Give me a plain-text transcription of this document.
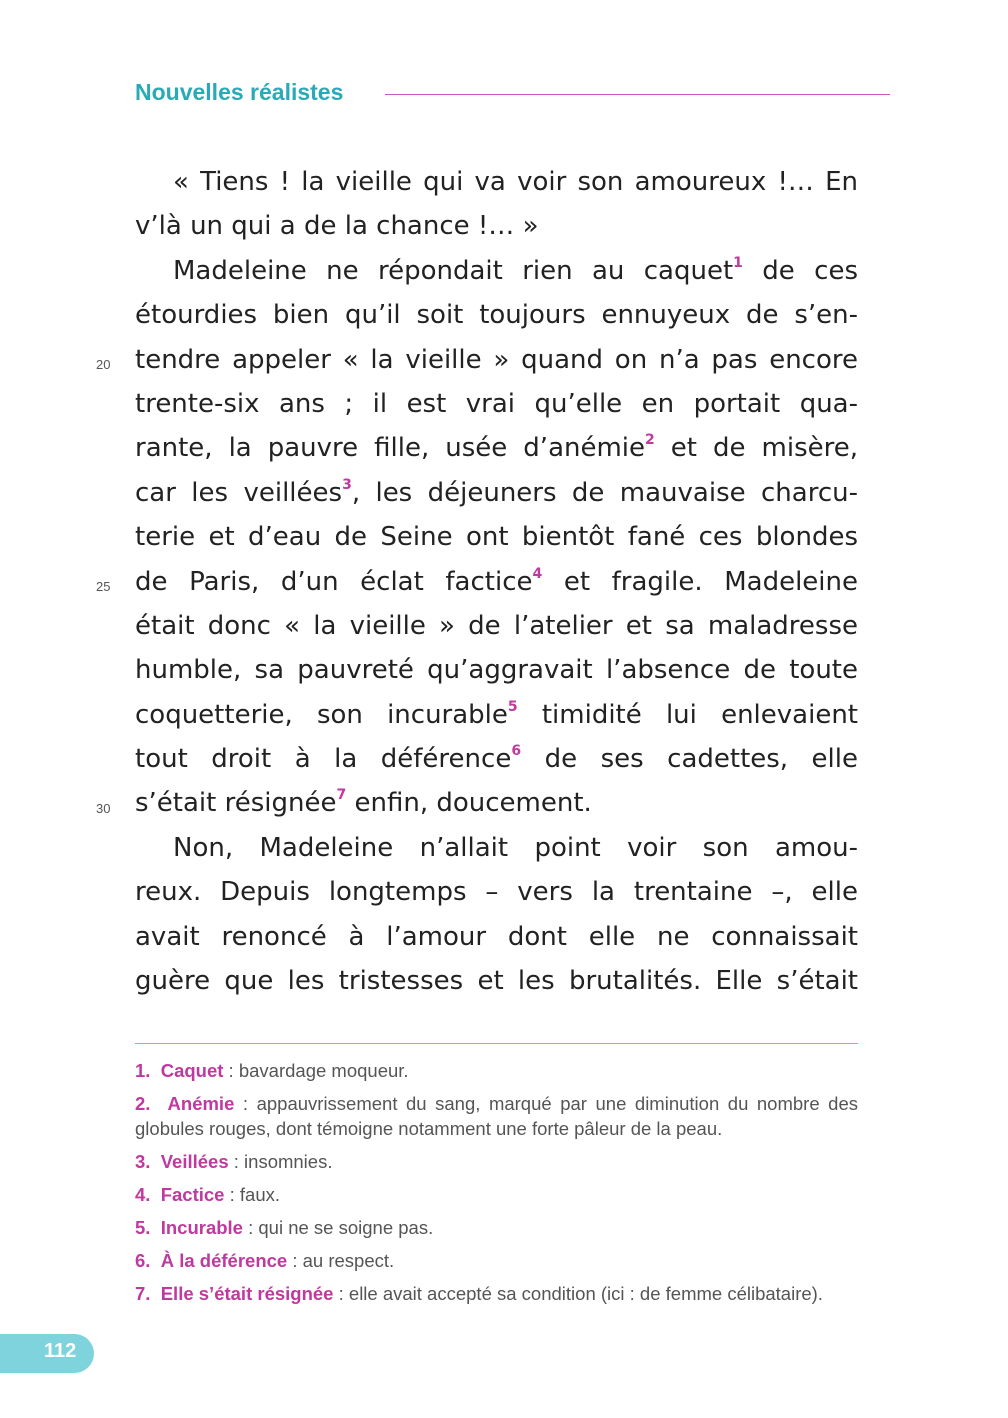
Nouvelles réalistes
« Tiens ! la vieille qui va voir son amoureux !… En
v’là un qui a de la chance !… »
Madeleine ne répondait rien au caquet$^1$ de ces
étourdies bien qu’il soit toujours ennuyeux de s’en-
tendre appeler « la vieille » quand on n’a pas encore
trente-six ans ; il est vrai qu’elle en portait qua-
rante, la pauvre fille, usée d’anémie$^2$ et de misère,
car les veillées$^3$, les déjeuners de mauvaise charcu-
terie et d’eau de Seine ont bientôt fané ces blondes
de Paris, d’un éclat factice$^4$ et fragile. Madeleine
était donc « la vieille » de l’atelier et sa maladresse
humble, sa pauvreté qu’aggravait l’absence de toute
coquetterie, son incurable$^5$ timidité lui enlevaient
tout droit à la déférence$^6$ de ses cadettes, elle
s’était résignée$^7$ enfin, doucement.
Non, Madeleine n’allait point voir son amou-
reux. Depuis longtemps – vers la trentaine –, elle
avait renoncé à l’amour dont elle ne connaissait
guère que les tristesses et les brutalités. Elle s’était
20
25
30
1. Caquet : bavardage moqueur.
2. Anémie : appauvrissement du sang, marqué par une diminution du nombre des globules rouges, dont témoigne notamment une forte pâleur de la peau.
3. Veillées : insomnies.
4. Factice : faux.
5. Incurable : qui ne se soigne pas.
6. À la déférence : au respect.
7. Elle s’était résignée : elle avait accepté sa condition (ici : de femme célibataire).
112
